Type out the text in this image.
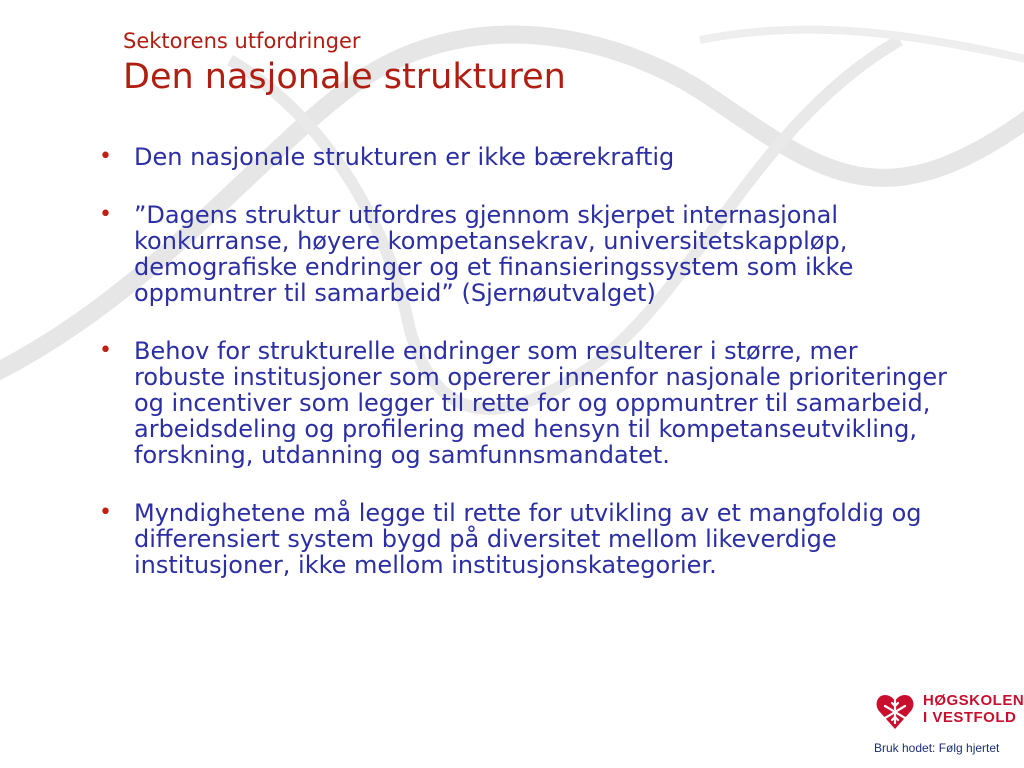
Sektorens utfordringer
Den nasjonale strukturen
• Den nasjonale strukturen er ikke bærekraftig
• ”Dagens struktur utfordres gjennom skjerpet internasjonal konkurranse, høyere kompetansekrav, universitetskappløp, demografiske endringer og et finansieringssystem som ikke oppmuntrer til samarbeid” (Sjernøutvalget)
• Behov for strukturelle endringer som resulterer i større, mer robuste institusjoner som opererer innenfor nasjonale prioriteringer og incentiver som legger til rette for og oppmuntrer til samarbeid, arbeidsdeling og profilering med hensyn til kompetanseutvikling, forskning, utdanning og samfunnsmandatet.
• Myndighetene må legge til rette for utvikling av et mangfoldig og differensiert system bygd på diversitet mellom likeverdige institusjoner, ikke mellom institusjonskategorier.
HØGSKOLEN
I VESTFOLD
Bruk hodet: Følg hjertet
